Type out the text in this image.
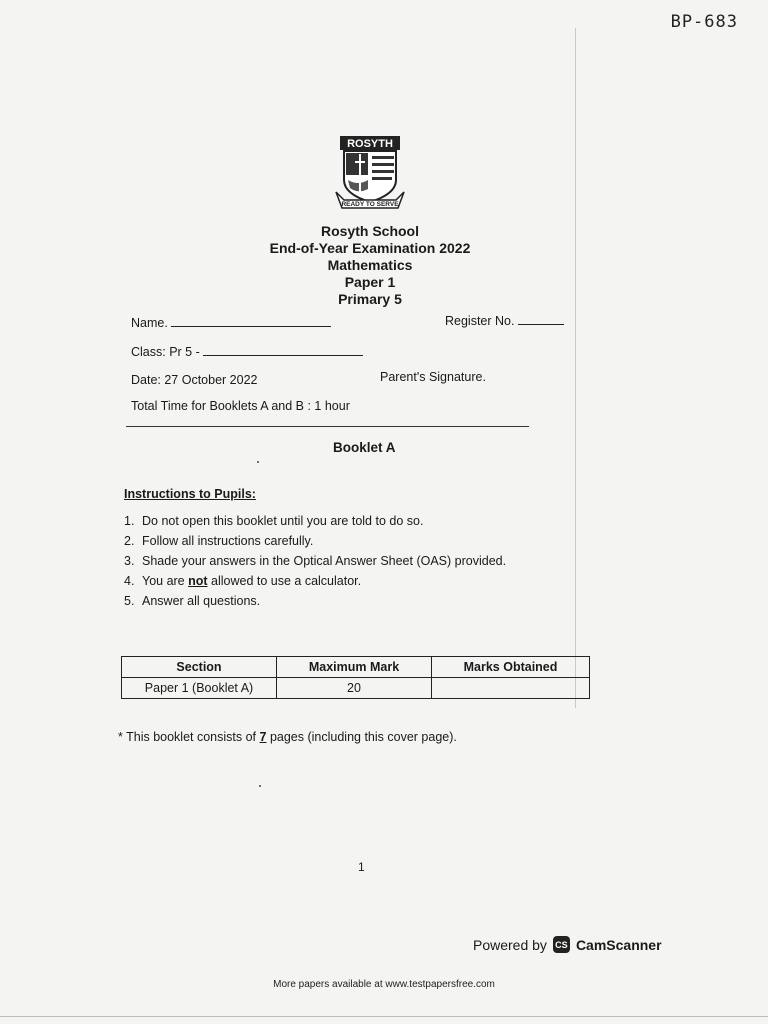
BP-683
ROSYTH
READY TO SERVE
Rosyth School
End-of-Year Examination 2022
Mathematics
Paper 1
Primary 5
Name.	Register No.
Class: Pr 5 -
Date: 27 October 2022	Parent's Signature.
Total Time for Booklets A and B : 1 hour
Booklet A
Instructions to Pupils:
1. Do not open this booklet until you are told to do so.
2. Follow all instructions carefully.
3. Shade your answers in the Optical Answer Sheet (OAS) provided.
4. You are not allowed to use a calculator.
5. Answer all questions.
Section	Maximum Mark	Marks Obtained
Paper 1 (Booklet A)	20	
* This booklet consists of 7 pages (including this cover page).
1
Powered by CS CamScanner
More papers available at www.testpapersfree.com
